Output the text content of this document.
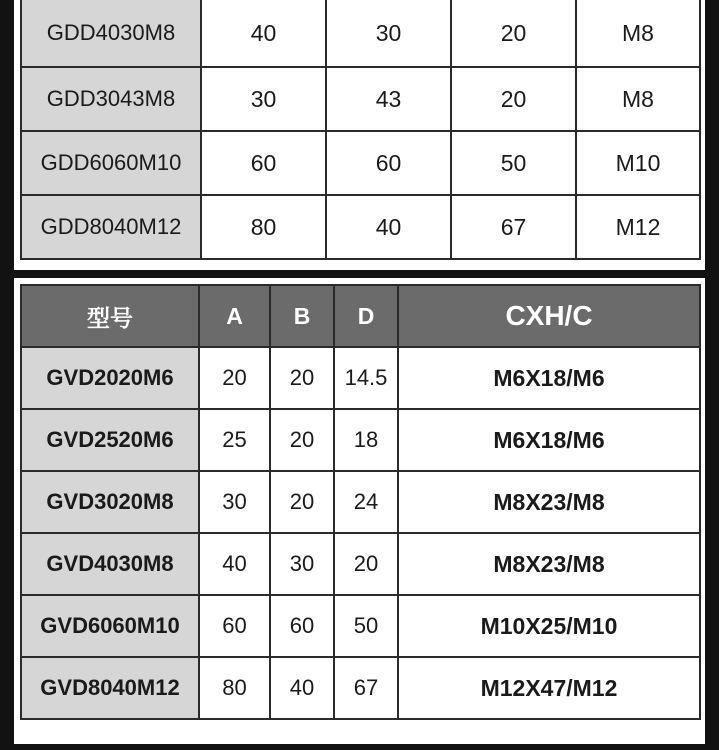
GDD4030M8	40	30	20	M8
GDD3043M8	30	43	20	M8
GDD6060M10	60	60	50	M10
GDD8040M12	80	40	67	M12
型号	A	B	D	CXH/C
GVD2020M6	20	20	14.5	M6X18/M6
GVD2520M6	25	20	18	M6X18/M6
GVD3020M8	30	20	24	M8X23/M8
GVD4030M8	40	30	20	M8X23/M8
GVD6060M10	60	60	50	M10X25/M10
GVD8040M12	80	40	67	M12X47/M12
